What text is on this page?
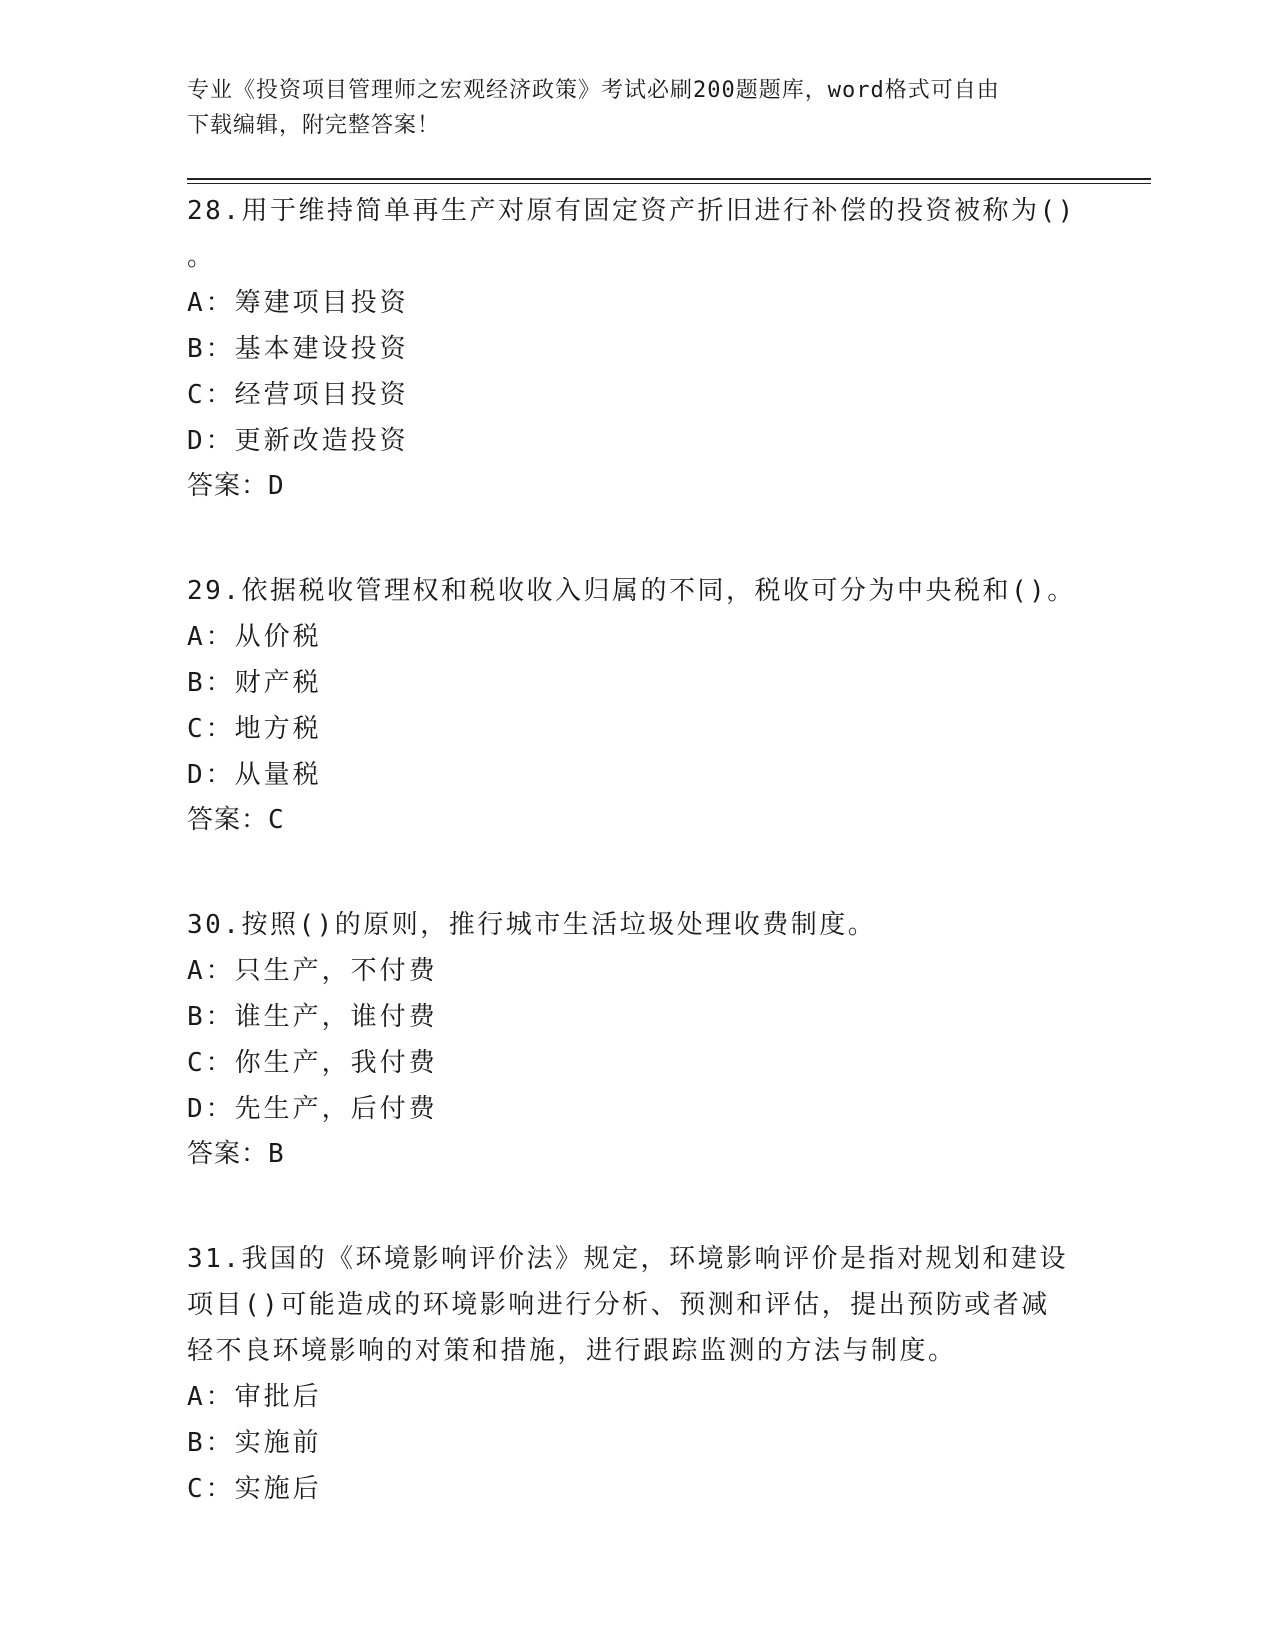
专业《投资项目管理师之宏观经济政策》考试必刷200题题库，word格式可自由
下载编辑，附完整答案！
28.用于维持简单再生产对原有固定资产折旧进行补偿的投资被称为()
。
A：筹建项目投资
B：基本建设投资
C：经营项目投资
D：更新改造投资
答案：D
29.依据税收管理权和税收收入归属的不同，税收可分为中央税和()。
A：从价税
B：财产税
C：地方税
D：从量税
答案：C
30.按照()的原则，推行城市生活垃圾处理收费制度。
A：只生产，不付费
B：谁生产，谁付费
C：你生产，我付费
D：先生产，后付费
答案：B
31.我国的《环境影响评价法》规定，环境影响评价是指对规划和建设
项目()可能造成的环境影响进行分析、预测和评估，提出预防或者减
轻不良环境影响的对策和措施，进行跟踪监测的方法与制度。
A：审批后
B：实施前
C：实施后
